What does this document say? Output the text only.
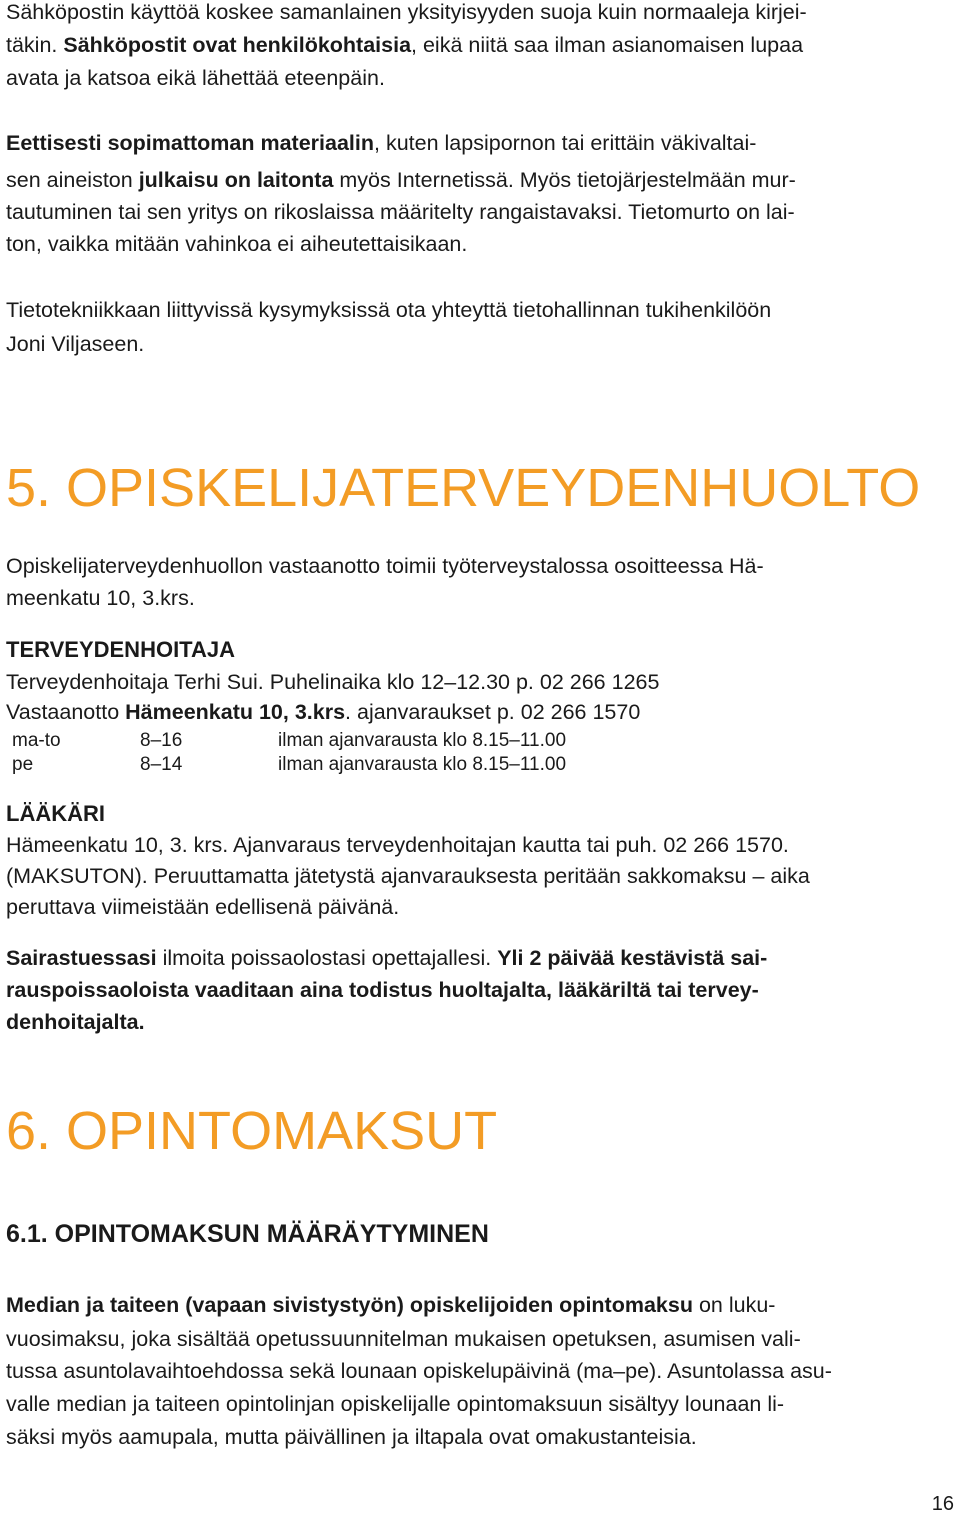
Sähköpostin käyttöä koskee samanlainen yksityisyyden suoja kuin normaaleja kirjei-
täkin. Sähköpostit ovat henkilökohtaisia, eikä niitä saa ilman asianomaisen lupaa
avata ja katsoa eikä lähettää eteenpäin.
Eettisesti sopimattoman materiaalin, kuten lapsipornon tai erittäin väkivaltai-
sen aineiston julkaisu on laitonta myös Internetissä. Myös tietojärjestelmään mur-
tautuminen tai sen yritys on rikoslaissa määritelty rangaistavaksi. Tietomurto on lai-
ton, vaikka mitään vahinkoa ei aiheutettaisikaan.
Tietotekniikkaan liittyvissä kysymyksissä ota yhteyttä tietohallinnan tukihenkilöön
Joni Viljaseen.
5. OPISKELIJATERVEYDENHUOLTO
Opiskelijaterveydenhuollon vastaanotto toimii työterveystalossa osoitteessa Hä-
meenkatu 10, 3.krs.
TERVEYDENHOITAJA
Terveydenhoitaja Terhi Sui. Puhelinaika klo 12–12.30 p. 02 266 1265
Vastaanotto Hämeenkatu 10, 3.krs. ajanvaraukset p. 02 266 1570
ma-to	8–16	ilman ajanvarausta klo 8.15–11.00
pe	8–14	ilman ajanvarausta klo 8.15–11.00
LÄÄKÄRI
Hämeenkatu 10, 3. krs. Ajanvaraus terveydenhoitajan kautta tai puh. 02 266 1570.
(MAKSUTON). Peruuttamatta jätetystä ajanvarauksesta peritään sakkomaksu – aika
peruttava viimeistään edellisenä päivänä.
Sairastuessasi ilmoita poissaolostasi opettajallesi. Yli 2 päivää kestävistä sai-
rauspoissaoloista vaaditaan aina todistus huoltajalta, lääkäriltä tai tervey-
denhoitajalta.
6. OPINTOMAKSUT
6.1. OPINTOMAKSUN MÄÄRÄYTYMINEN
Median ja taiteen (vapaan sivistystyön) opiskelijoiden opintomaksu on luku-
vuosimaksu, joka sisältää opetussuunnitelman mukaisen opetuksen, asumisen vali-
tussa asuntolavaihtoehdossa sekä lounaan opiskelupäivinä (ma–pe). Asuntolassa asu-
valle median ja taiteen opintolinjan opiskelijalle opintomaksuun sisältyy lounaan li-
säksi myös aamupala, mutta päivällinen ja iltapala ovat omakustanteisia.
16
